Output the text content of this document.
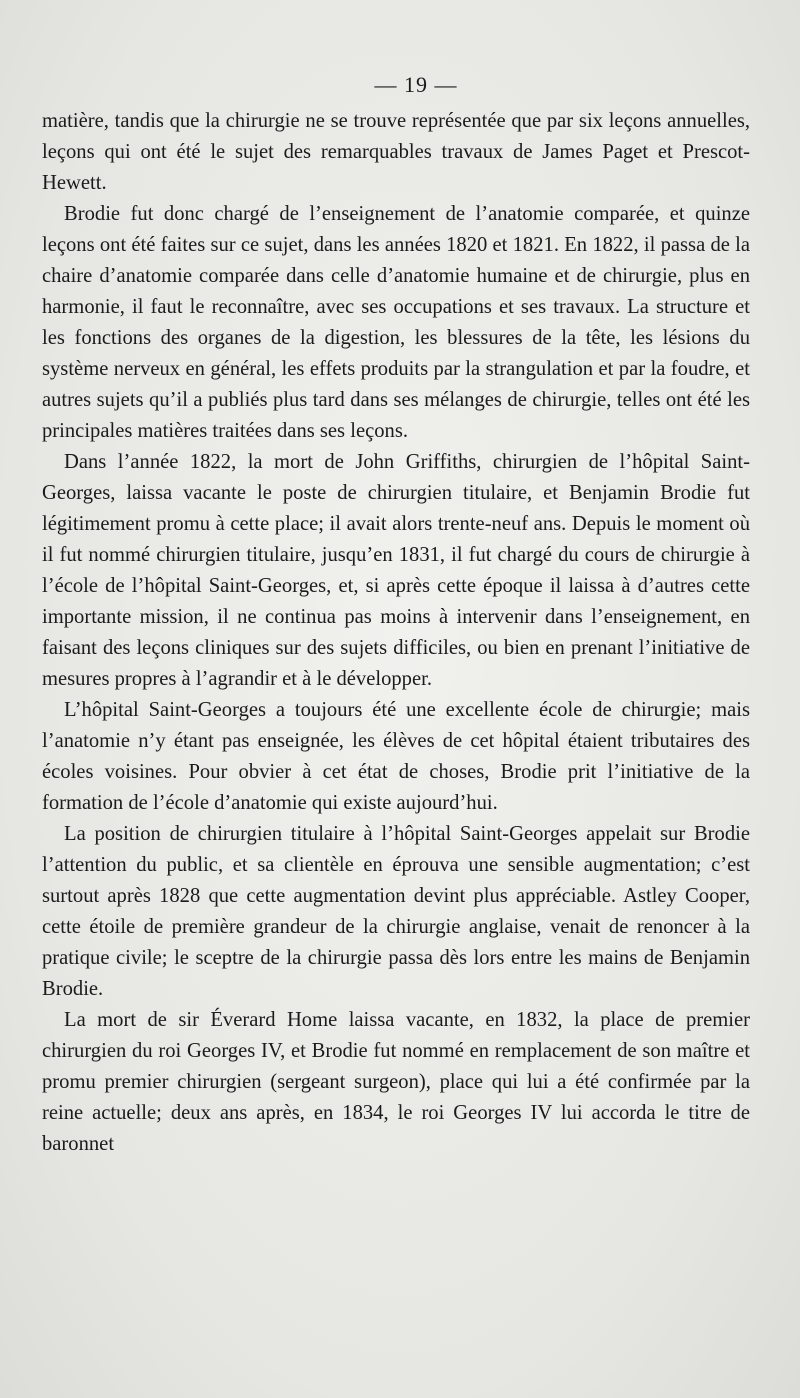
— 19 —

matière, tandis que la chirurgie ne se trouve représentée que par six leçons annuelles, leçons qui ont été le sujet des remarquables travaux de James Paget et Prescot-Hewett.

Brodie fut donc chargé de l’enseignement de l’anatomie comparée, et quinze leçons ont été faites sur ce sujet, dans les années 1820 et 1821. En 1822, il passa de la chaire d’anatomie comparée dans celle d’anatomie humaine et de chirurgie, plus en harmonie, il faut le reconnaître, avec ses occupations et ses travaux. La structure et les fonctions des organes de la digestion, les blessures de la tête, les lésions du système nerveux en général, les effets produits par la strangulation et par la foudre, et autres sujets qu’il a publiés plus tard dans ses mélanges de chirurgie, telles ont été les principales matières traitées dans ses leçons.

Dans l’année 1822, la mort de John Griffiths, chirurgien de l’hôpital Saint-Georges, laissa vacante le poste de chirurgien titulaire, et Benjamin Brodie fut légitimement promu à cette place; il avait alors trente-neuf ans. Depuis le moment où il fut nommé chirurgien titulaire, jusqu’en 1831, il fut chargé du cours de chirurgie à l’école de l’hôpital Saint-Georges, et, si après cette époque il laissa à d’autres cette importante mission, il ne continua pas moins à intervenir dans l’enseignement, en faisant des leçons cliniques sur des sujets difficiles, ou bien en prenant l’initiative de mesures propres à l’agrandir et à le développer.

L’hôpital Saint-Georges a toujours été une excellente école de chirurgie; mais l’anatomie n’y étant pas enseignée, les élèves de cet hôpital étaient tributaires des écoles voisines. Pour obvier à cet état de choses, Brodie prit l’initiative de la formation de l’école d’anatomie qui existe aujourd’hui.

La position de chirurgien titulaire à l’hôpital Saint-Georges appelait sur Brodie l’attention du public, et sa clientèle en éprouva une sensible augmentation; c’est surtout après 1828 que cette augmentation devint plus appréciable. Astley Cooper, cette étoile de première grandeur de la chirurgie anglaise, venait de renoncer à la pratique civile; le sceptre de la chirurgie passa dès lors entre les mains de Benjamin Brodie.

La mort de sir Éverard Home laissa vacante, en 1832, la place de premier chirurgien du roi Georges IV, et Brodie fut nommé en remplacement de son maître et promu premier chirurgien (sergeant surgeon), place qui lui a été confirmée par la reine actuelle; deux ans après, en 1834, le roi Georges IV lui accorda le titre de baronnet
